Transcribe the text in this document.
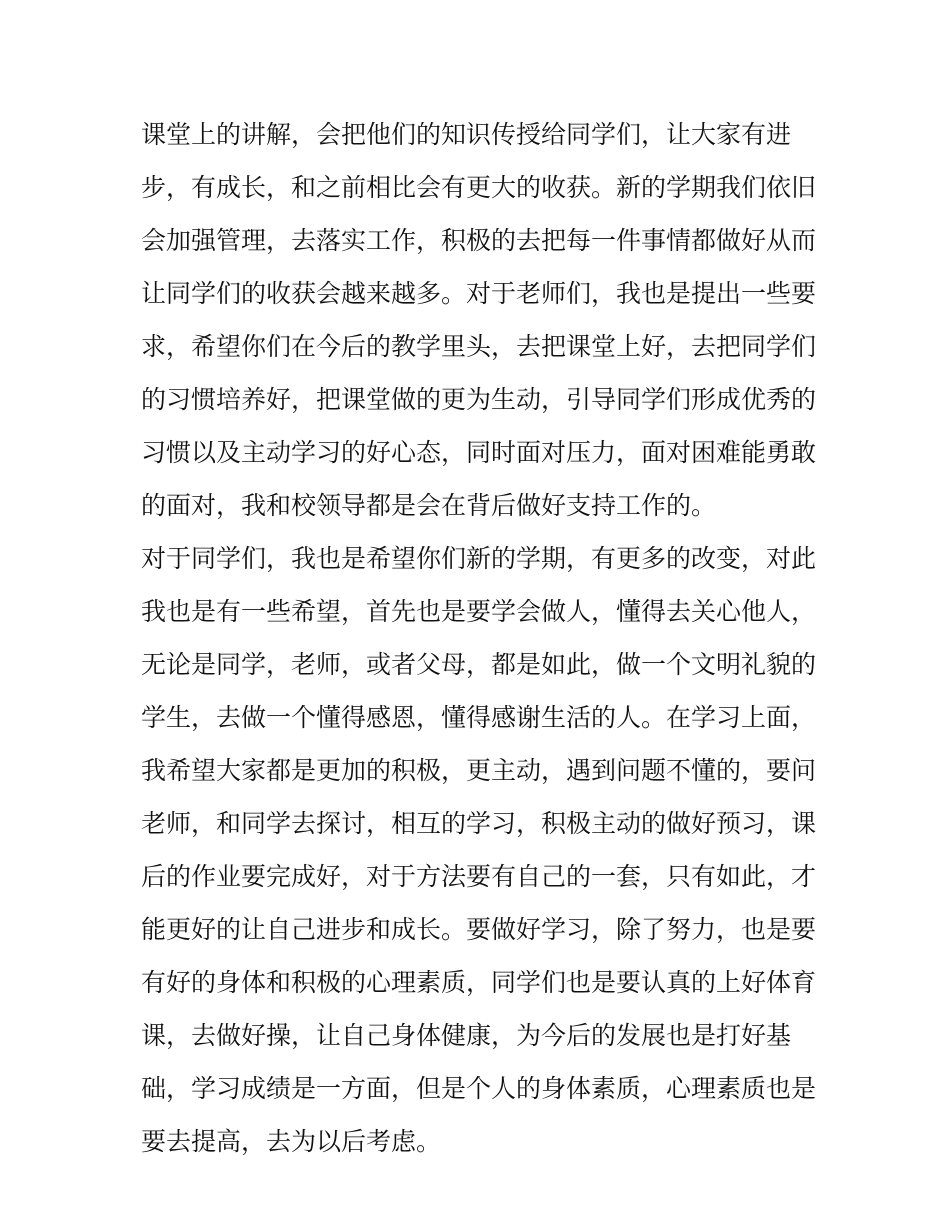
课堂上的讲解，会把他们的知识传授给同学们，让大家有进
步，有成长，和之前相比会有更大的收获。新的学期我们依旧
会加强管理，去落实工作，积极的去把每一件事情都做好从而
让同学们的收获会越来越多。对于老师们，我也是提出一些要
求，希望你们在今后的教学里头，去把课堂上好，去把同学们
的习惯培养好，把课堂做的更为生动，引导同学们形成优秀的
习惯以及主动学习的好心态，同时面对压力，面对困难能勇敢
的面对，我和校领导都是会在背后做好支持工作的。
对于同学们，我也是希望你们新的学期，有更多的改变，对此
我也是有一些希望，首先也是要学会做人，懂得去关心他人，
无论是同学，老师，或者父母，都是如此，做一个文明礼貌的
学生，去做一个懂得感恩，懂得感谢生活的人。在学习上面，
我希望大家都是更加的积极，更主动，遇到问题不懂的，要问
老师，和同学去探讨，相互的学习，积极主动的做好预习，课
后的作业要完成好，对于方法要有自己的一套，只有如此，才
能更好的让自己进步和成长。要做好学习，除了努力，也是要
有好的身体和积极的心理素质，同学们也是要认真的上好体育
课，去做好操，让自己身体健康，为今后的发展也是打好基
础，学习成绩是一方面，但是个人的身体素质，心理素质也是
要去提高，去为以后考虑。
